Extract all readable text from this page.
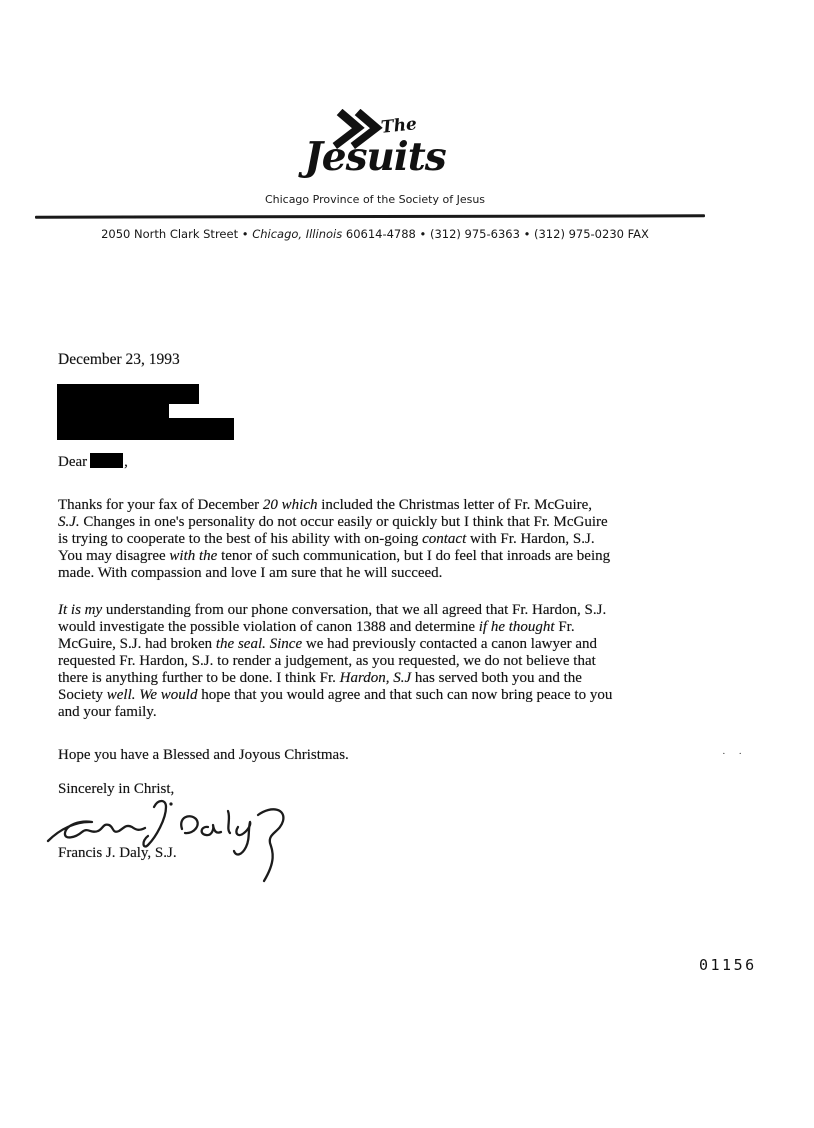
The
Jesuits
Chicago Province of the Society of Jesus
2050 North Clark Street • Chicago, Illinois 60614-4788 • (312) 975-6363 • (312) 975-0230 FAX
December 23, 1993
Dear ,
Thanks for your fax of December 20 which included the Christmas letter of Fr. McGuire,
S.J. Changes in one's personality do not occur easily or quickly but I think that Fr. McGuire
is trying to cooperate to the best of his ability with on-going contact with Fr. Hardon, S.J.
You may disagree with the tenor of such communication, but I do feel that inroads are being
made. With compassion and love I am sure that he will succeed.
It is my understanding from our phone conversation, that we all agreed that Fr. Hardon, S.J.
would investigate the possible violation of canon 1388 and determine if he thought Fr.
McGuire, S.J. had broken the seal. Since we had previously contacted a canon lawyer and
requested Fr. Hardon, S.J. to render a judgement, as you requested, we do not believe that
there is anything further to be done. I think Fr. Hardon, S.J has served both you and the
Society well. We would hope that you would agree and that such can now bring peace to you
and your family.
Hope you have a Blessed and Joyous Christmas.
Sincerely in Christ,
Francis J. Daly, S.J.
· ·
01156
